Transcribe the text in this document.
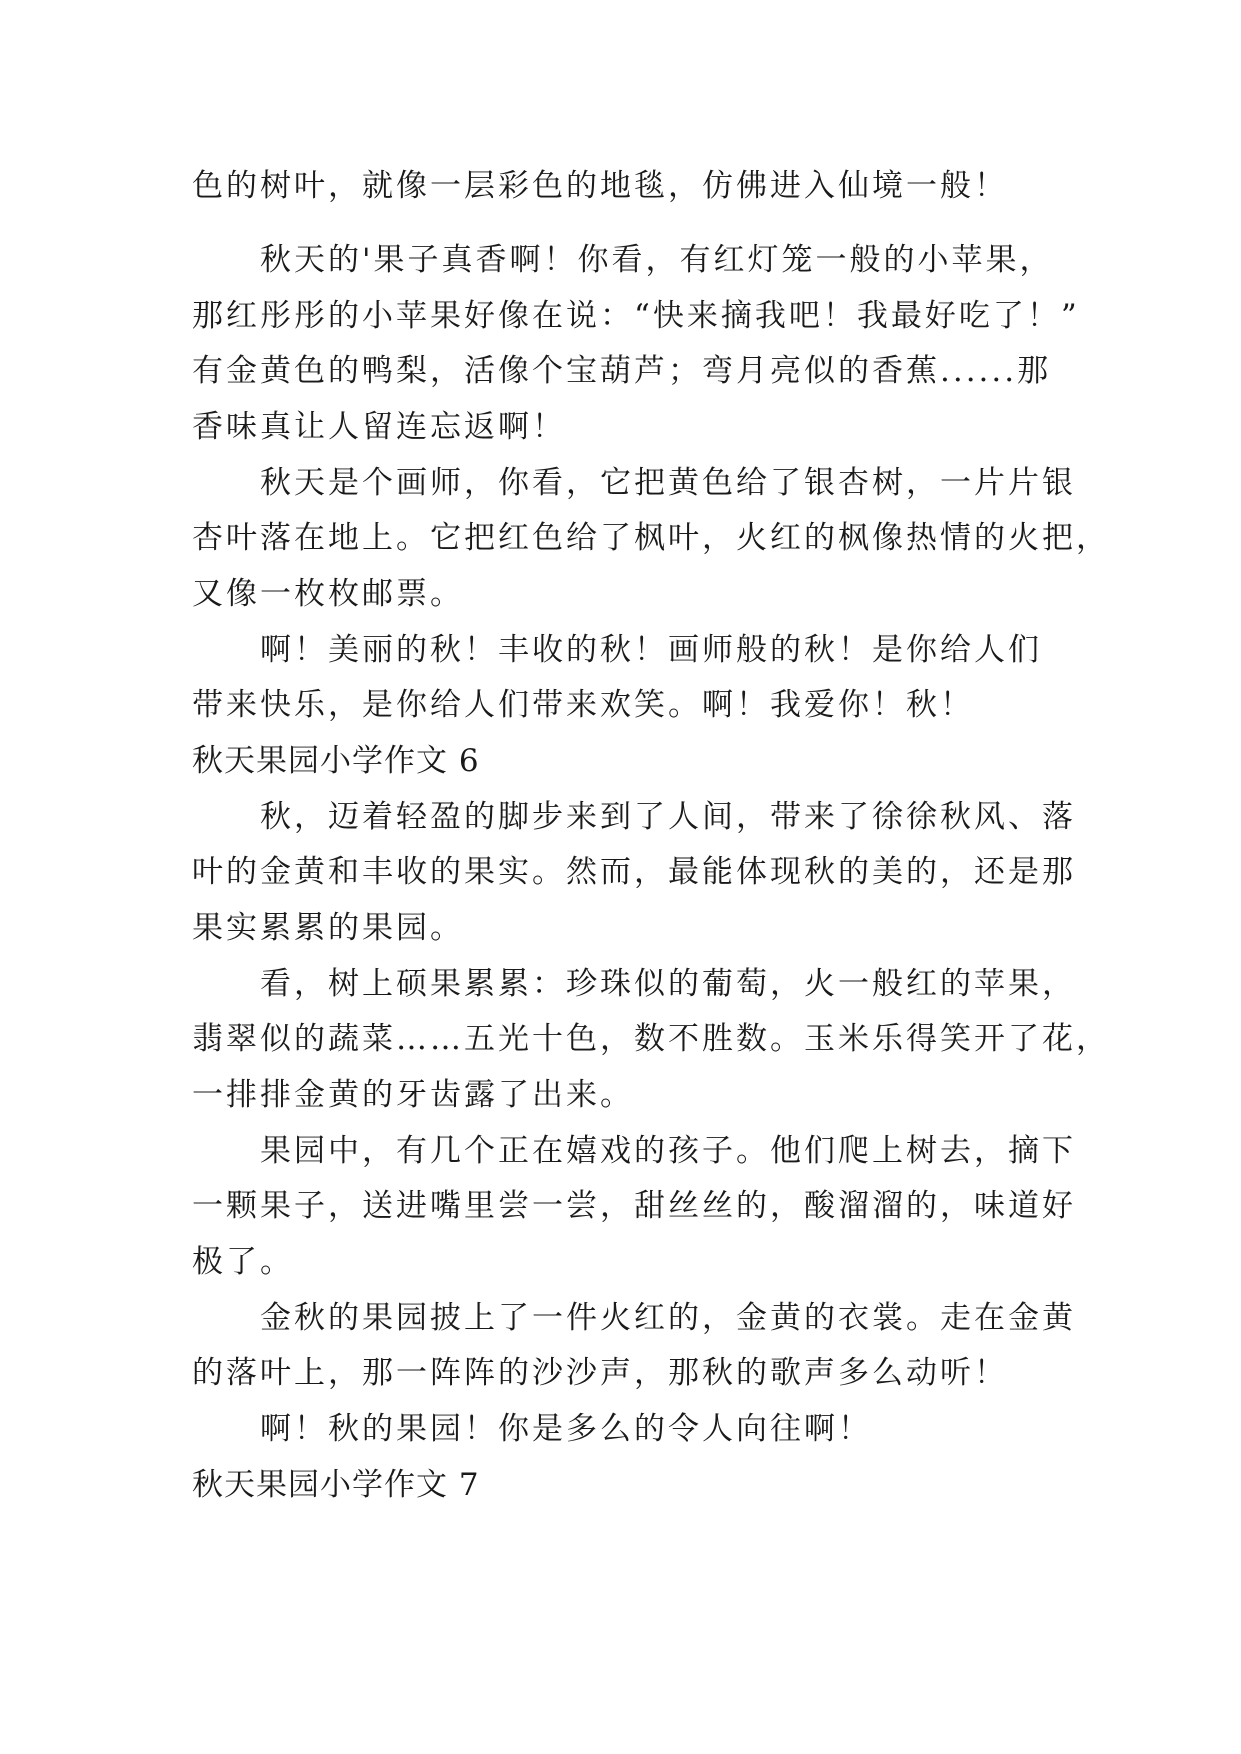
色的树叶，就像一层彩色的地毯，仿佛进入仙境一般！
　　秋天的'果子真香啊！你看，有红灯笼一般的小苹果，
那红彤彤的小苹果好像在说：“快来摘我吧！我最好吃了！”
有金黄色的鸭梨，活像个宝葫芦；弯月亮似的香蕉......那
香味真让人留连忘返啊！
　　秋天是个画师，你看，它把黄色给了银杏树，一片片银
杏叶落在地上。它把红色给了枫叶，火红的枫像热情的火把，
又像一枚枚邮票。
　　啊！美丽的秋！丰收的秋！画师般的秋！是你给人们
带来快乐，是你给人们带来欢笑。啊！我爱你！秋！
秋天果园小学作文 6
　　秋，迈着轻盈的脚步来到了人间，带来了徐徐秋风、落
叶的金黄和丰收的果实。然而，最能体现秋的美的，还是那
果实累累的果园。
　　看，树上硕果累累：珍珠似的葡萄，火一般红的苹果，
翡翠似的蔬菜……五光十色，数不胜数。玉米乐得笑开了花，
一排排金黄的牙齿露了出来。
　　果园中，有几个正在嬉戏的孩子。他们爬上树去，摘下
一颗果子，送进嘴里尝一尝，甜丝丝的，酸溜溜的，味道好
极了。
　　金秋的果园披上了一件火红的，金黄的衣裳。走在金黄
的落叶上，那一阵阵的沙沙声，那秋的歌声多么动听！
　　啊！秋的果园！你是多么的令人向往啊！
秋天果园小学作文 7
